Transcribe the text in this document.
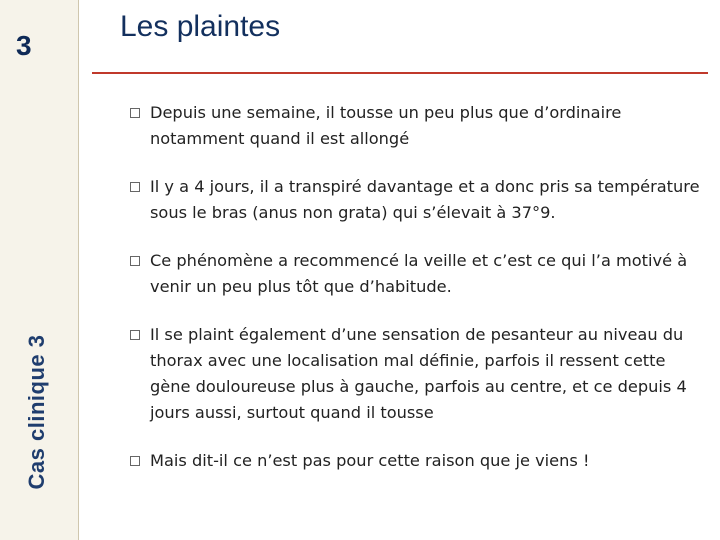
3
Cas clinique 3
Les plaintes
Depuis une semaine, il tousse un peu plus que d’ordinaire notamment quand il est allongé
Il y a 4 jours, il a transpiré davantage et a donc pris sa température sous le bras (anus non grata) qui s’élevait à 37°9.
Ce phénomène a recommencé la veille et c’est ce qui l’a motivé à venir un peu plus tôt que d’habitude.
Il se plaint également d’une sensation de pesanteur au niveau du thorax avec une localisation mal définie, parfois il ressent cette gène douloureuse plus à gauche, parfois au centre, et ce depuis 4 jours aussi, surtout quand il tousse
Mais dit-il ce n’est pas pour cette raison que je viens !
